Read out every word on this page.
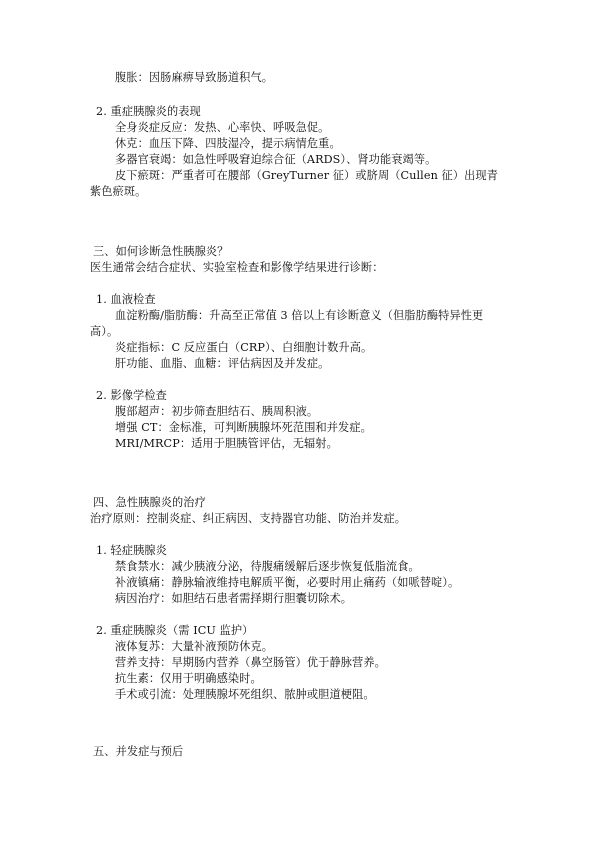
腹胀：因肠麻痹导致肠道积气。
2. 重症胰腺炎的表现
全身炎症反应：发热、心率快、呼吸急促。
休克：血压下降、四肢湿冷，提示病情危重。
多器官衰竭：如急性呼吸窘迫综合征（ARDS）、肾功能衰竭等。
皮下瘀斑：严重者可在腰部（GreyTurner 征）或脐周（Cullen 征）出现青
紫色瘀斑。
三、如何诊断急性胰腺炎？
医生通常会结合症状、实验室检查和影像学结果进行诊断：
1. 血液检查
血淀粉酶/脂肪酶：升高至正常值 3 倍以上有诊断意义（但脂肪酶特异性更
高）。
炎症指标：C 反应蛋白（CRP）、白细胞计数升高。
肝功能、血脂、血糖：评估病因及并发症。
2. 影像学检查
腹部超声：初步筛查胆结石、胰周积液。
增强 CT：金标准，可判断胰腺坏死范围和并发症。
MRI/MRCP：适用于胆胰管评估，无辐射。
四、急性胰腺炎的治疗
治疗原则：控制炎症、纠正病因、支持器官功能、防治并发症。
1. 轻症胰腺炎
禁食禁水：减少胰液分泌，待腹痛缓解后逐步恢复低脂流食。
补液镇痛：静脉输液维持电解质平衡，必要时用止痛药（如哌替啶）。
病因治疗：如胆结石患者需择期行胆囊切除术。
2. 重症胰腺炎（需 ICU 监护）
液体复苏：大量补液预防休克。
营养支持：早期肠内营养（鼻空肠管）优于静脉营养。
抗生素：仅用于明确感染时。
手术或引流：处理胰腺坏死组织、脓肿或胆道梗阻。
五、并发症与预后
